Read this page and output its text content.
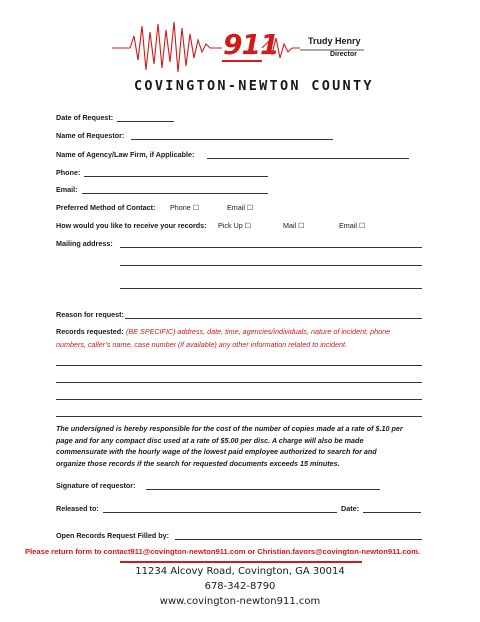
911	Trudy Henry
Director
COVINGTON-NEWTON COUNTY
Date of Request:
Name of Requestor:
Name of Agency/Law Firm, if Applicable:
Phone:
Email:
Preferred Method of Contact: Phone ☐	Email ☐
How would you like to receive your records: Pick Up ☐	Mail ☐	Email ☐
Mailing address:
Reason for request:
Records requested: (BE SPECIFIC) address, date, time, agencies/individuals, nature of incident, phone
numbers, caller’s name, case number (if available) any other information related to incident.
The undersigned is hereby responsible for the cost of the number of copies made at a rate of $.10 per
page and for any compact disc used at a rate of $5.00 per disc. A charge will also be made
commensurate with the hourly wage of the lowest paid employee authorized to search for and
organize those records if the search for requested documents exceeds 15 minutes.
Signature of requestor:
Released to:	Date:
Open Records Request Filled by:
Please return form to contact911@covington-newton911.com or Christian.favors@covington-newton911.com.
11234 Alcovy Road, Covington, GA 30014
678-342-8790
www.covington-newton911.com
